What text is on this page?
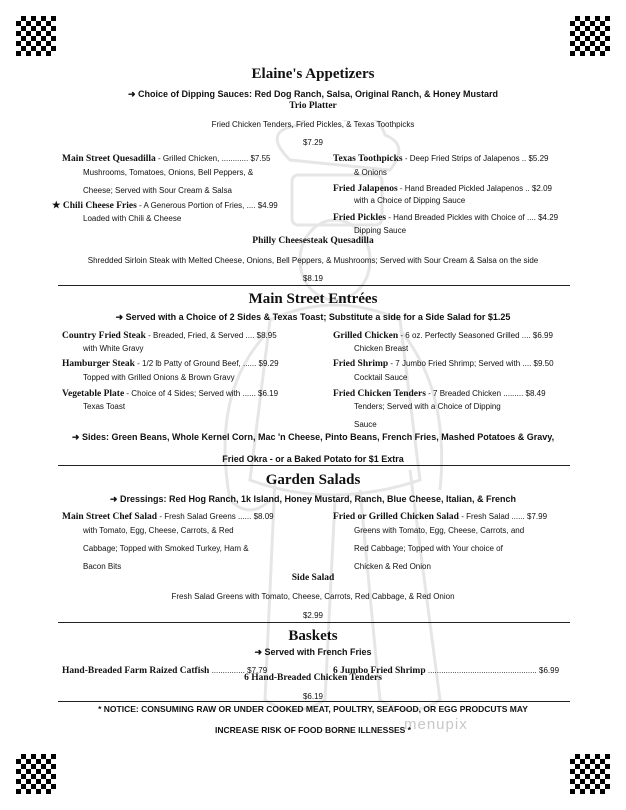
menupix
Elaine's Appetizers
➜ Choice of Dipping Sauces: Red Dog Ranch, Salsa, Original Ranch, & Honey Mustard
Trio Platter
Fried Chicken Tenders, Fried Pickles, & Texas Toothpicks
$7.29
Main Street Quesadilla - Grilled Chicken, ............ $7.55
Mushrooms, Tomatoes, Onions, Bell Peppers, &
Cheese; Served with Sour Cream & Salsa
★ Chili Cheese Fries - A Generous Portion of Fries, .... $4.99
Loaded with Chili & Cheese
Texas Toothpicks - Deep Fried Strips of Jalapenos .. $5.29
& Onions
Fried Jalapenos - Hand Breaded Pickled Jalapenos .. $2.09
with a Choice of Dipping Sauce
Fried Pickles - Hand Breaded Pickles with Choice of .... $4.29
Dipping Sauce
Philly Cheesesteak Quesadilla
Shredded Sirloin Steak with Melted Cheese, Onions, Bell Peppers, & Mushrooms; Served with Sour Cream & Salsa on the side
$8.19
Main Street Entrées
➜ Served with a Choice of 2 Sides & Texas Toast; Substitute a side for a Side Salad for $1.25
Country Fried Steak - Breaded, Fried, & Served .... $8.95
with White Gravy
Hamburger Steak - 1/2 lb Patty of Ground Beef, ...... $9.29
Topped with Grilled Onions & Brown Gravy
Vegetable Plate - Choice of 4 Sides; Served with ...... $6.19
Texas Toast
Grilled Chicken - 6 oz. Perfectly Seasoned Grilled .... $6.99
Chicken Breast
Fried Shrimp - 7 Jumbo Fried Shrimp; Served with .... $9.50
Cocktail Sauce
Fried Chicken Tenders - 7 Breaded Chicken ......... $8.49
Tenders; Served with a Choice of Dipping
Sauce
➜ Sides: Green Beans, Whole Kernel Corn, Mac 'n Cheese, Pinto Beans, French Fries, Mashed Potatoes & Gravy,
Fried Okra - or a Baked Potato for $1 Extra
Garden Salads
➜ Dressings: Red Hog Ranch, 1k Island, Honey Mustard, Ranch, Blue Cheese, Italian, & French
Main Street Chef Salad - Fresh Salad Greens ...... $8.09
with Tomato, Egg, Cheese, Carrots, & Red
Cabbage; Topped with Smoked Turkey, Ham &
Bacon Bits
Fried or Grilled Chicken Salad - Fresh Salad ...... $7.99
Greens with Tomato, Egg, Cheese, Carrots, and
Red Cabbage; Topped with Your choice of
Chicken & Red Onion
Side Salad
Fresh Salad Greens with Tomato, Cheese, Carrots, Red Cabbage, & Red Onion
$2.99
Baskets
➜ Served with French Fries
Hand-Breaded Farm Raized Catfish ............... $7.79	6 Jumbo Fried Shrimp ................................................. $6.99
6 Hand-Breaded Chicken Tenders
$6.19
* NOTICE: CONSUMING RAW OR UNDER COOKED MEAT, POULTRY, SEAFOOD, OR EGG PRODCUTS MAY
INCREASE RISK OF FOOD BORNE ILLNESSES *
